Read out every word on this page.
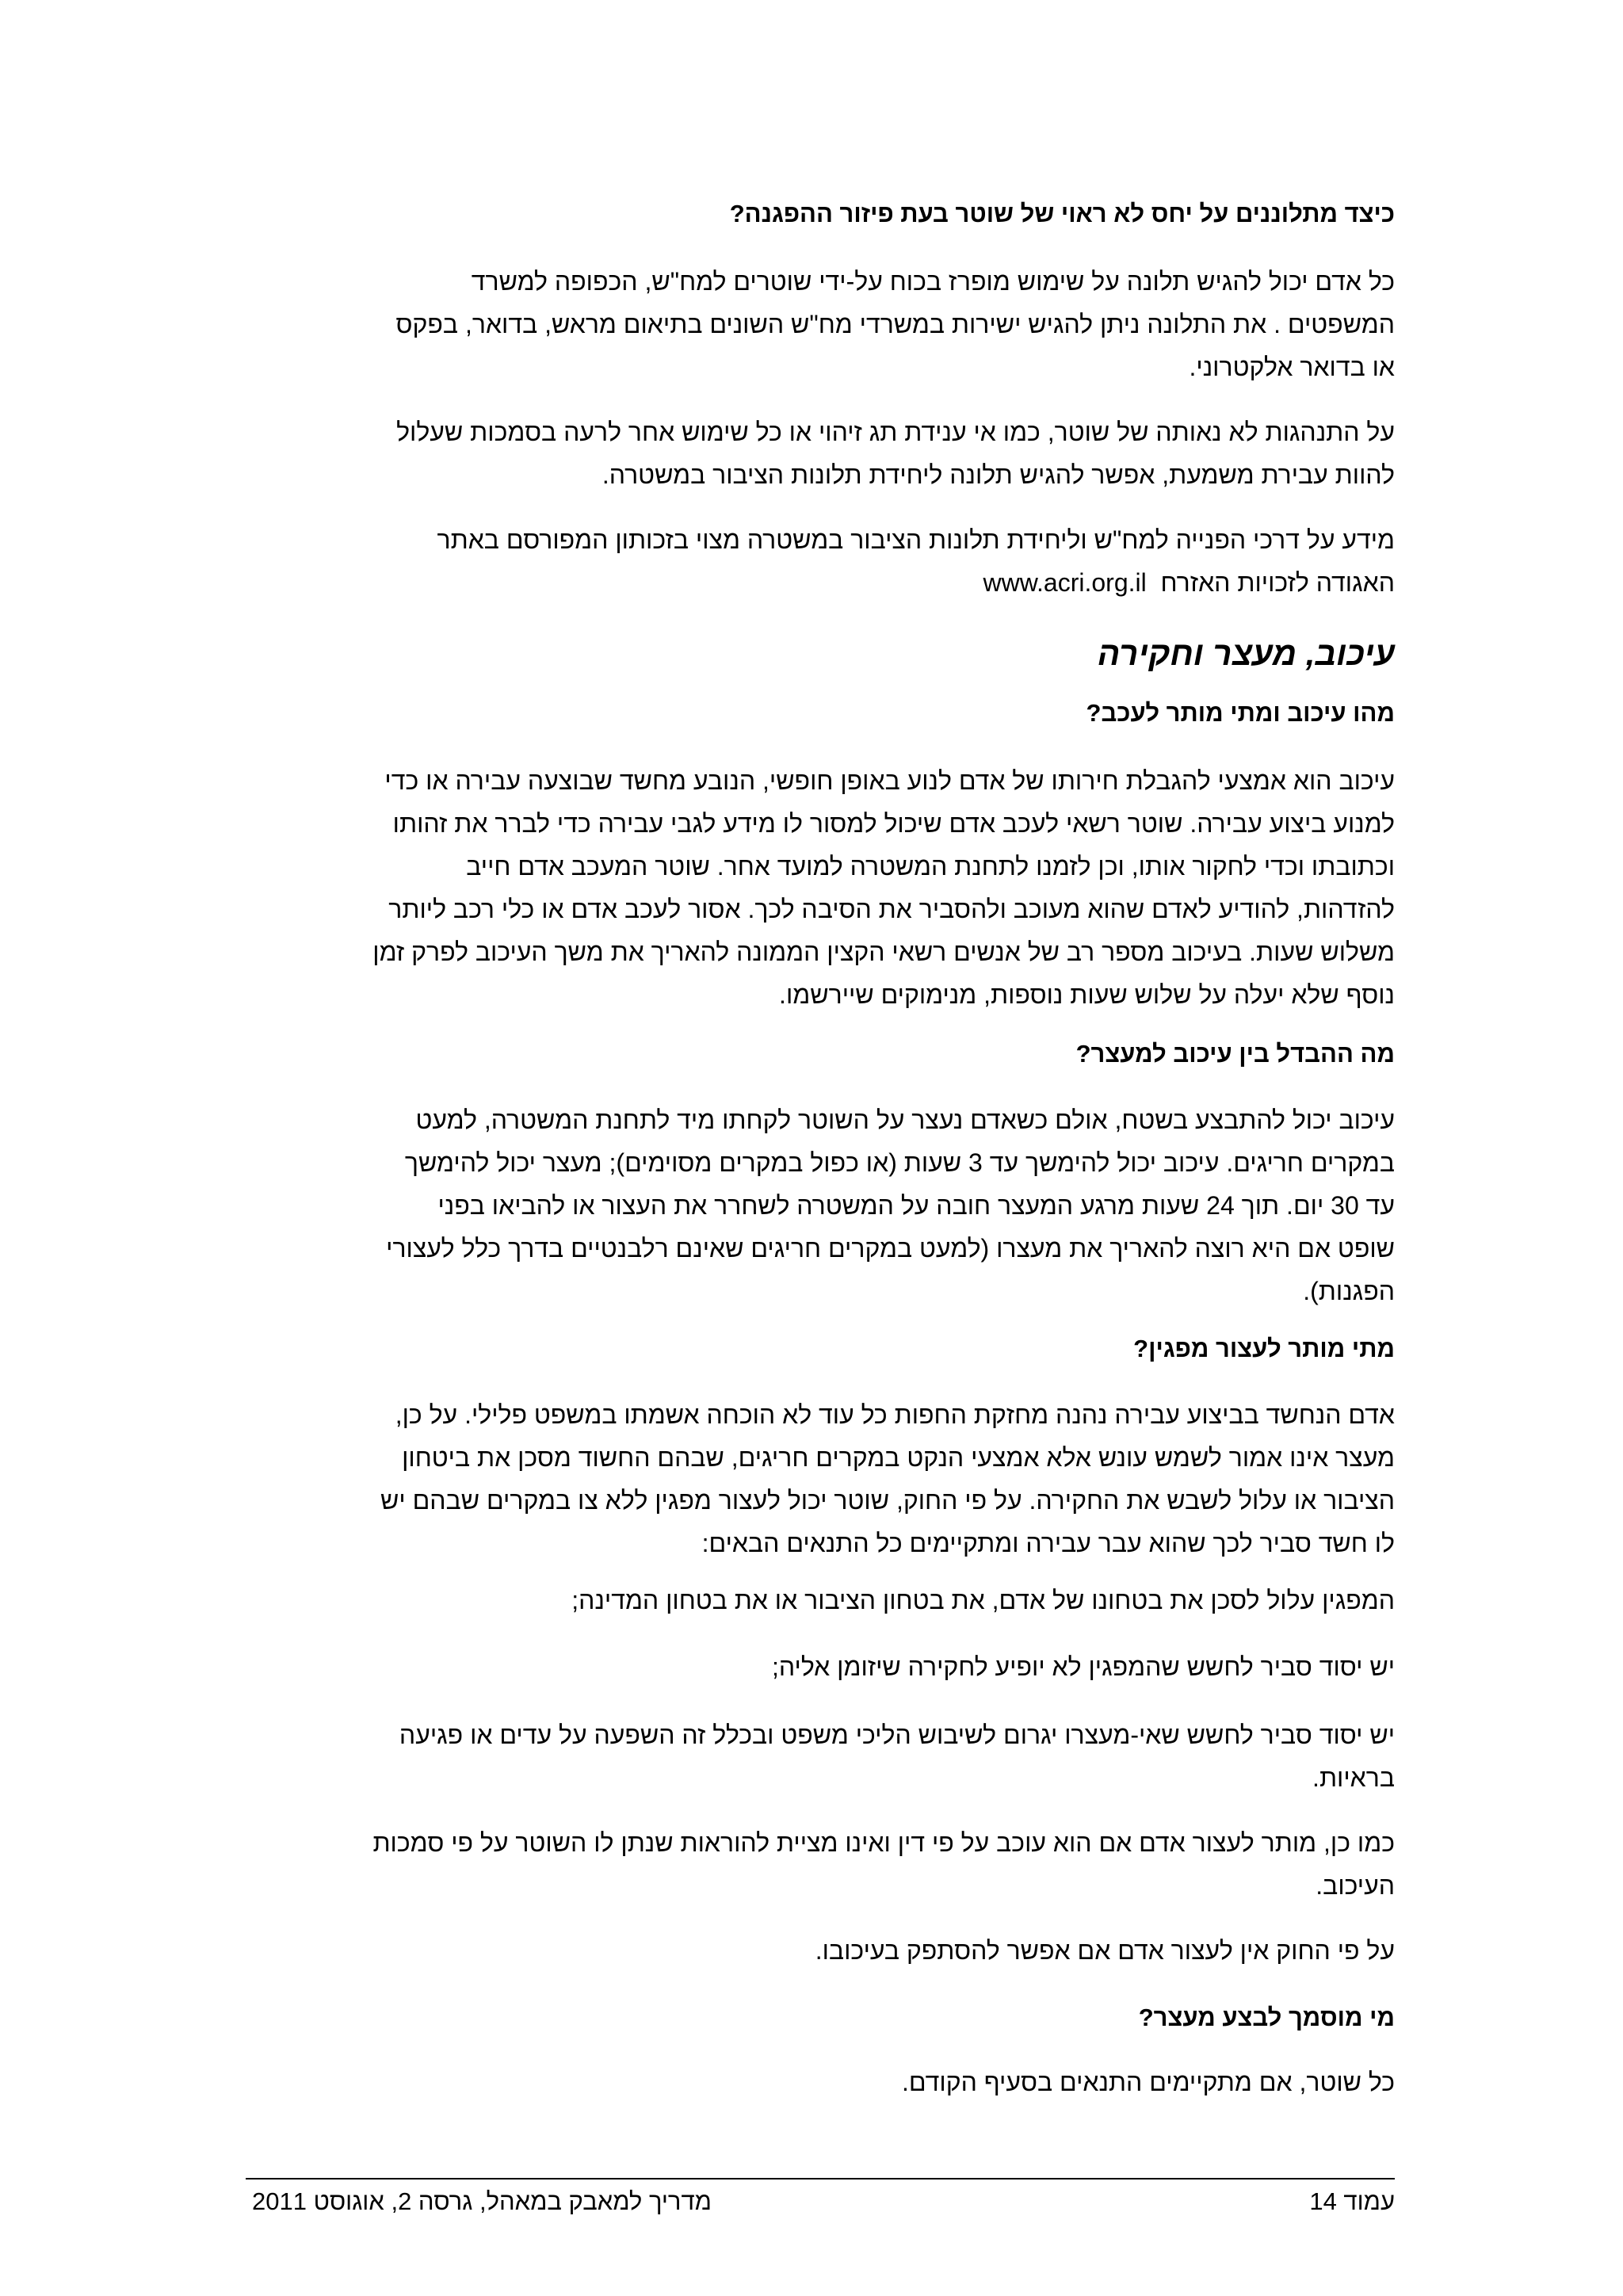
כיצד מתלוננים על יחס לא ראוי של שוטר בעת פיזור ההפגנה?

כל אדם יכול להגיש תלונה על שימוש מופרז בכוח על-ידי שוטרים למח"ש, הכפופה למשרד
המשפטים . את התלונה ניתן להגיש ישירות במשרדי מח"ש השונים בתיאום מראש, בדואר, בפקס
או בדואר אלקטרוני.

על התנהגות לא נאותה של שוטר, כמו אי ענידת תג זיהוי או כל שימוש אחר לרעה בסמכות שעלול
להוות עבירת משמעת, אפשר להגיש תלונה ליחידת תלונות הציבור במשטרה.

מידע על דרכי הפנייה למח"ש וליחידת תלונות הציבור במשטרה מצוי בזכותון המפורסם באתר
האגודה לזכויות האזרח  www.acri.org.il

עיכוב, מעצר וחקירה

מהו עיכוב ומתי מותר לעכב?

עיכוב הוא אמצעי להגבלת חירותו של אדם לנוע באופן חופשי, הנובע מחשד שבוצעה עבירה או כדי
למנוע ביצוע עבירה. שוטר רשאי לעכב אדם שיכול למסור לו מידע לגבי עבירה כדי לברר את זהותו
וכתובתו וכדי לחקור אותו, וכן לזמנו לתחנת המשטרה למועד אחר. שוטר המעכב אדם חייב
להזדהות, להודיע לאדם שהוא מעוכב ולהסביר את הסיבה לכך. אסור לעכב אדם או כלי רכב ליותר
משלוש שעות. בעיכוב מספר רב של אנשים רשאי הקצין הממונה להאריך את משך העיכוב לפרק זמן
נוסף שלא יעלה על שלוש שעות נוספות, מנימוקים שיירשמו.

מה ההבדל בין עיכוב למעצר?

עיכוב יכול להתבצע בשטח, אולם כשאדם נעצר על השוטר לקחתו מיד לתחנת המשטרה, למעט
במקרים חריגים. עיכוב יכול להימשך עד 3 שעות (או כפול במקרים מסוימים); מעצר יכול להימשך
עד 30 יום. תוך 24 שעות מרגע המעצר חובה על המשטרה לשחרר את העצור או להביאו בפני
שופט אם היא רוצה להאריך את מעצרו (למעט במקרים חריגים שאינם רלבנטיים בדרך כלל לעצורי
הפגנות).

מתי מותר לעצור מפגין?

אדם הנחשד בביצוע עבירה נהנה מחזקת החפות כל עוד לא הוכחה אשמתו במשפט פלילי. על כן,
מעצר אינו אמור לשמש עונש אלא אמצעי הנקט במקרים חריגים, שבהם החשוד מסכן את ביטחון
הציבור או עלול לשבש את החקירה. על פי החוק, שוטר יכול לעצור מפגין ללא צו במקרים שבהם יש
לו חשד סביר לכך שהוא עבר עבירה ומתקיימים כל התנאים הבאים:

המפגין עלול לסכן את בטחונו של אדם, את בטחון הציבור או את בטחון המדינה;

יש יסוד סביר לחשש שהמפגין לא יופיע לחקירה שיזומן אליה;

יש יסוד סביר לחשש שאי-מעצרו יגרום לשיבוש הליכי משפט ובכלל זה השפעה על עדים או פגיעה
בראיות.

כמו כן, מותר לעצור אדם אם הוא עוכב על פי דין ואינו מציית להוראות שנתן לו השוטר על פי סמכות
העיכוב.

על פי החוק אין לעצור אדם אם אפשר להסתפק בעיכובו.

מי מוסמך לבצע מעצר?

כל שוטר, אם מתקיימים התנאים בסעיף הקודם.

עמוד 14
מדריך למאבק במאהל, גרסה 2, אוגוסט 2011
